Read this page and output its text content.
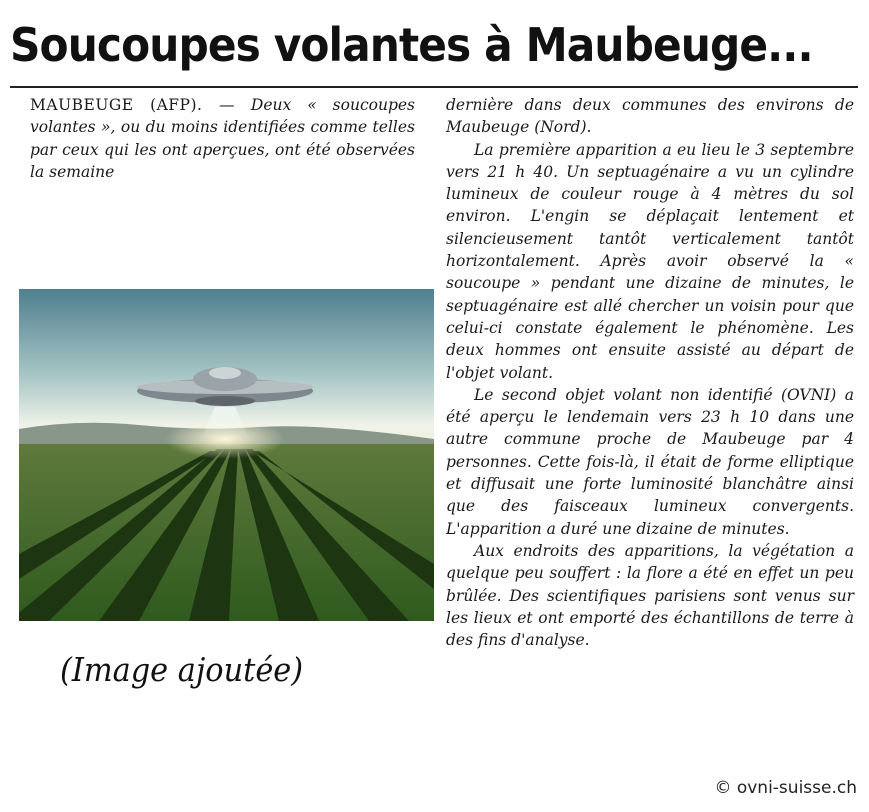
Soucoupes volantes à Maubeuge...

MAUBEUGE (AFP). — Deux « soucoupes volantes », ou du moins identifiées comme telles par ceux qui les ont aperçues, ont été observées la semaine

dernière dans deux communes des environs de Maubeuge (Nord).

La première apparition a eu lieu le 3 septembre vers 21 h 40. Un septuagénaire a vu un cylindre lumineux de couleur rouge à 4 mètres du sol environ. L'engin se déplaçait lentement et silencieusement tantôt verticalement tantôt horizontalement. Après avoir observé la « soucoupe » pendant une dizaine de minutes, le septuagénaire est allé chercher un voisin pour que celui-ci constate également le phénomène. Les deux hommes ont ensuite assisté au départ de l'objet volant.

Le second objet volant non identifié (OVNI) a été aperçu le lendemain vers 23 h 10 dans une autre commune proche de Maubeuge par 4 personnes. Cette fois-là, il était de forme elliptique et diffusait une forte luminosité blanchâtre ainsi que des faisceaux lumineux convergents. L'apparition a duré une dizaine de minutes.

Aux endroits des apparitions, la végétation a quelque peu souffert : la flore a été en effet un peu brûlée. Des scientifiques parisiens sont venus sur les lieux et ont emporté des échantillons de terre à des fins d'analyse.

(Image ajoutée)
© ovni-suisse.ch
